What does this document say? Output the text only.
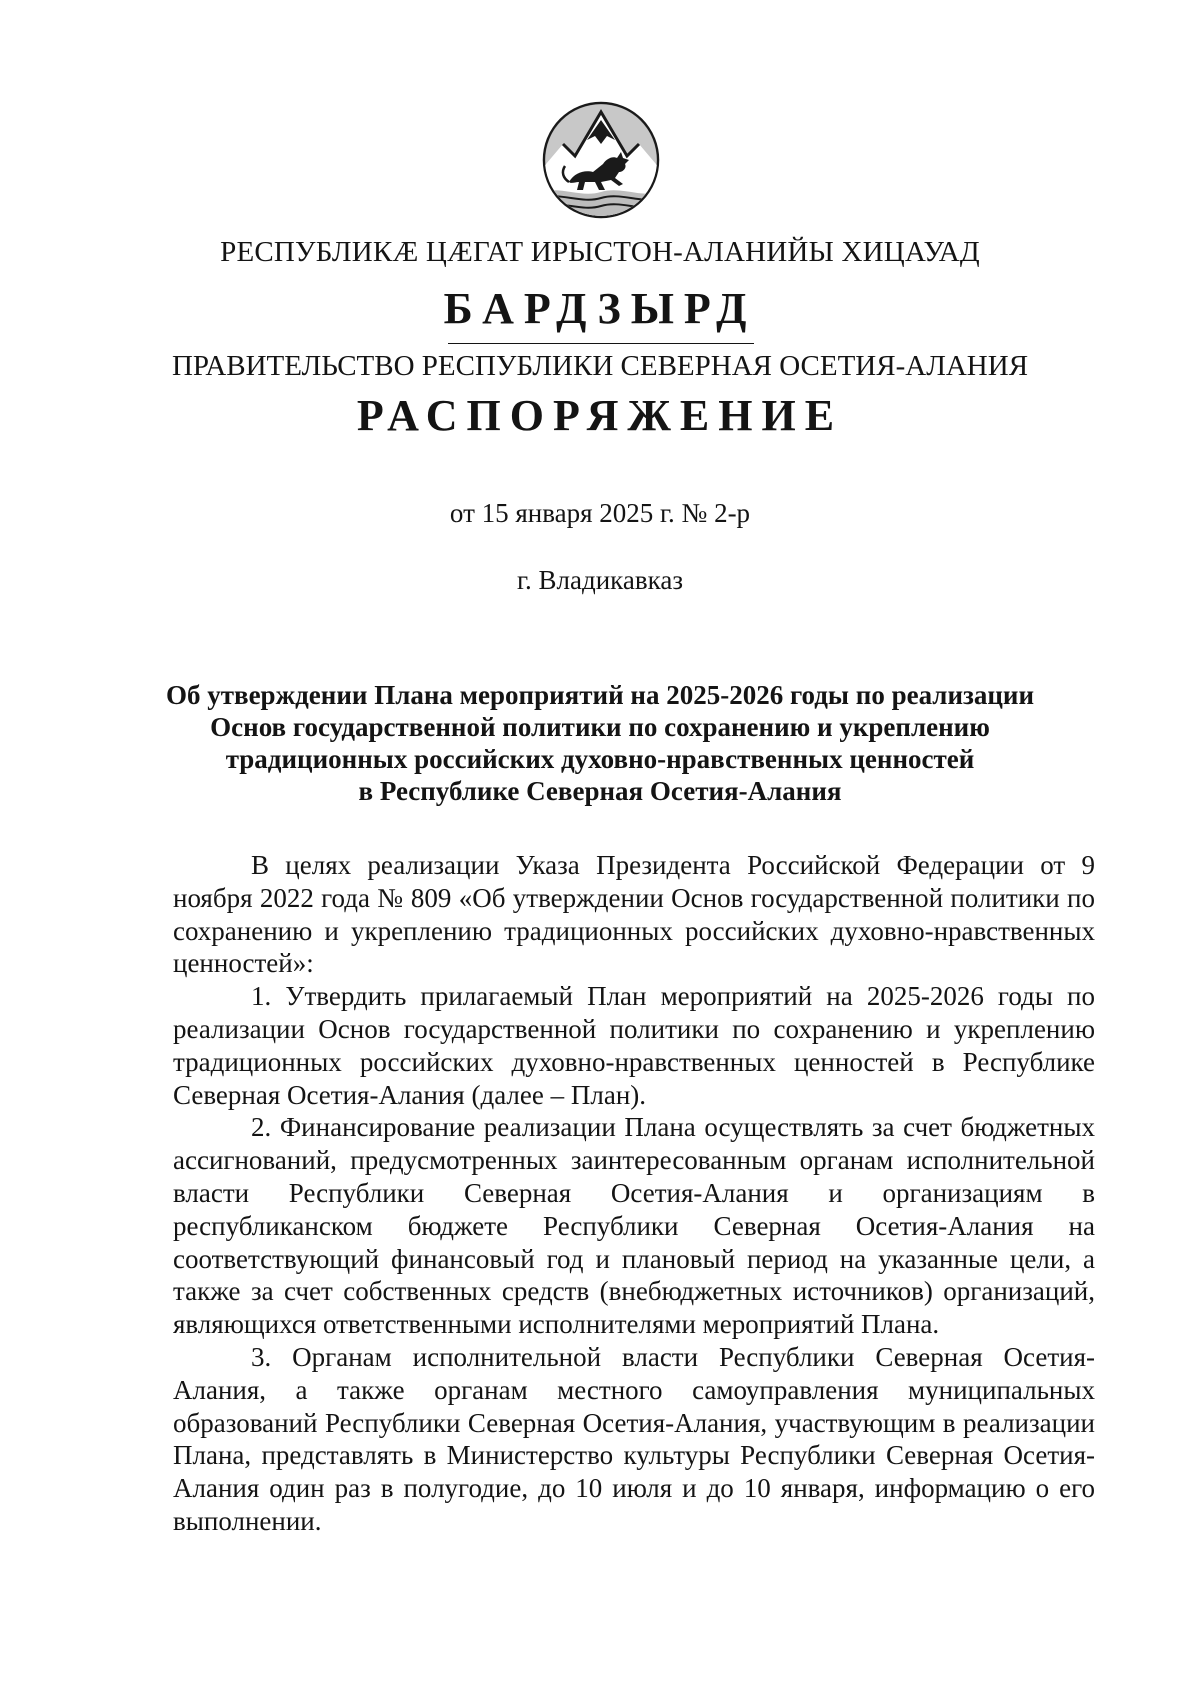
РЕСПУБЛИКӔ ЦӔГАТ ИРЫСТОН-АЛАНИЙЫ ХИЦАУАД
БАРДЗЫРД
ПРАВИТЕЛЬСТВО РЕСПУБЛИКИ СЕВЕРНАЯ ОСЕТИЯ-АЛАНИЯ
РАСПОРЯЖЕНИЕ
от 15 января 2025 г. № 2-р
г. Владикавказ
Об утверждении Плана мероприятий на 2025-2026 годы по реализации
Основ государственной политики по сохранению и укреплению
традиционных российских духовно-нравственных ценностей
в Республике Северная Осетия-Алания

В целях реализации Указа Президента Российской Федерации от 9 ноября 2022 года № 809 «Об утверждении Основ государственной политики по сохранению и укреплению традиционных российских духовно-нравственных ценностей»:

1. Утвердить прилагаемый План мероприятий на 2025-2026 годы по реализации Основ государственной политики по сохранению и укреплению традиционных российских духовно-нравственных ценностей в Республике Северная Осетия-Алания (далее – План).

2. Финансирование реализации Плана осуществлять за счет бюджетных ассигнований, предусмотренных заинтересованным органам исполнительной власти Республики Северная Осетия-Алания и организациям в республиканском бюджете Республики Северная Осетия-Алания на соответствующий финансовый год и плановый период на указанные цели, а также за счет собственных средств (внебюджетных источников) организаций, являющихся ответственными исполнителями мероприятий Плана.

3. Органам исполнительной власти Республики Северная Осетия-Алания, а также органам местного самоуправления муниципальных образований Республики Северная Осетия-Алания, участвующим в реализации Плана, представлять в Министерство культуры Республики Северная Осетия-Алания один раз в полугодие, до 10 июля и до 10 января, информацию о его выполнении.
